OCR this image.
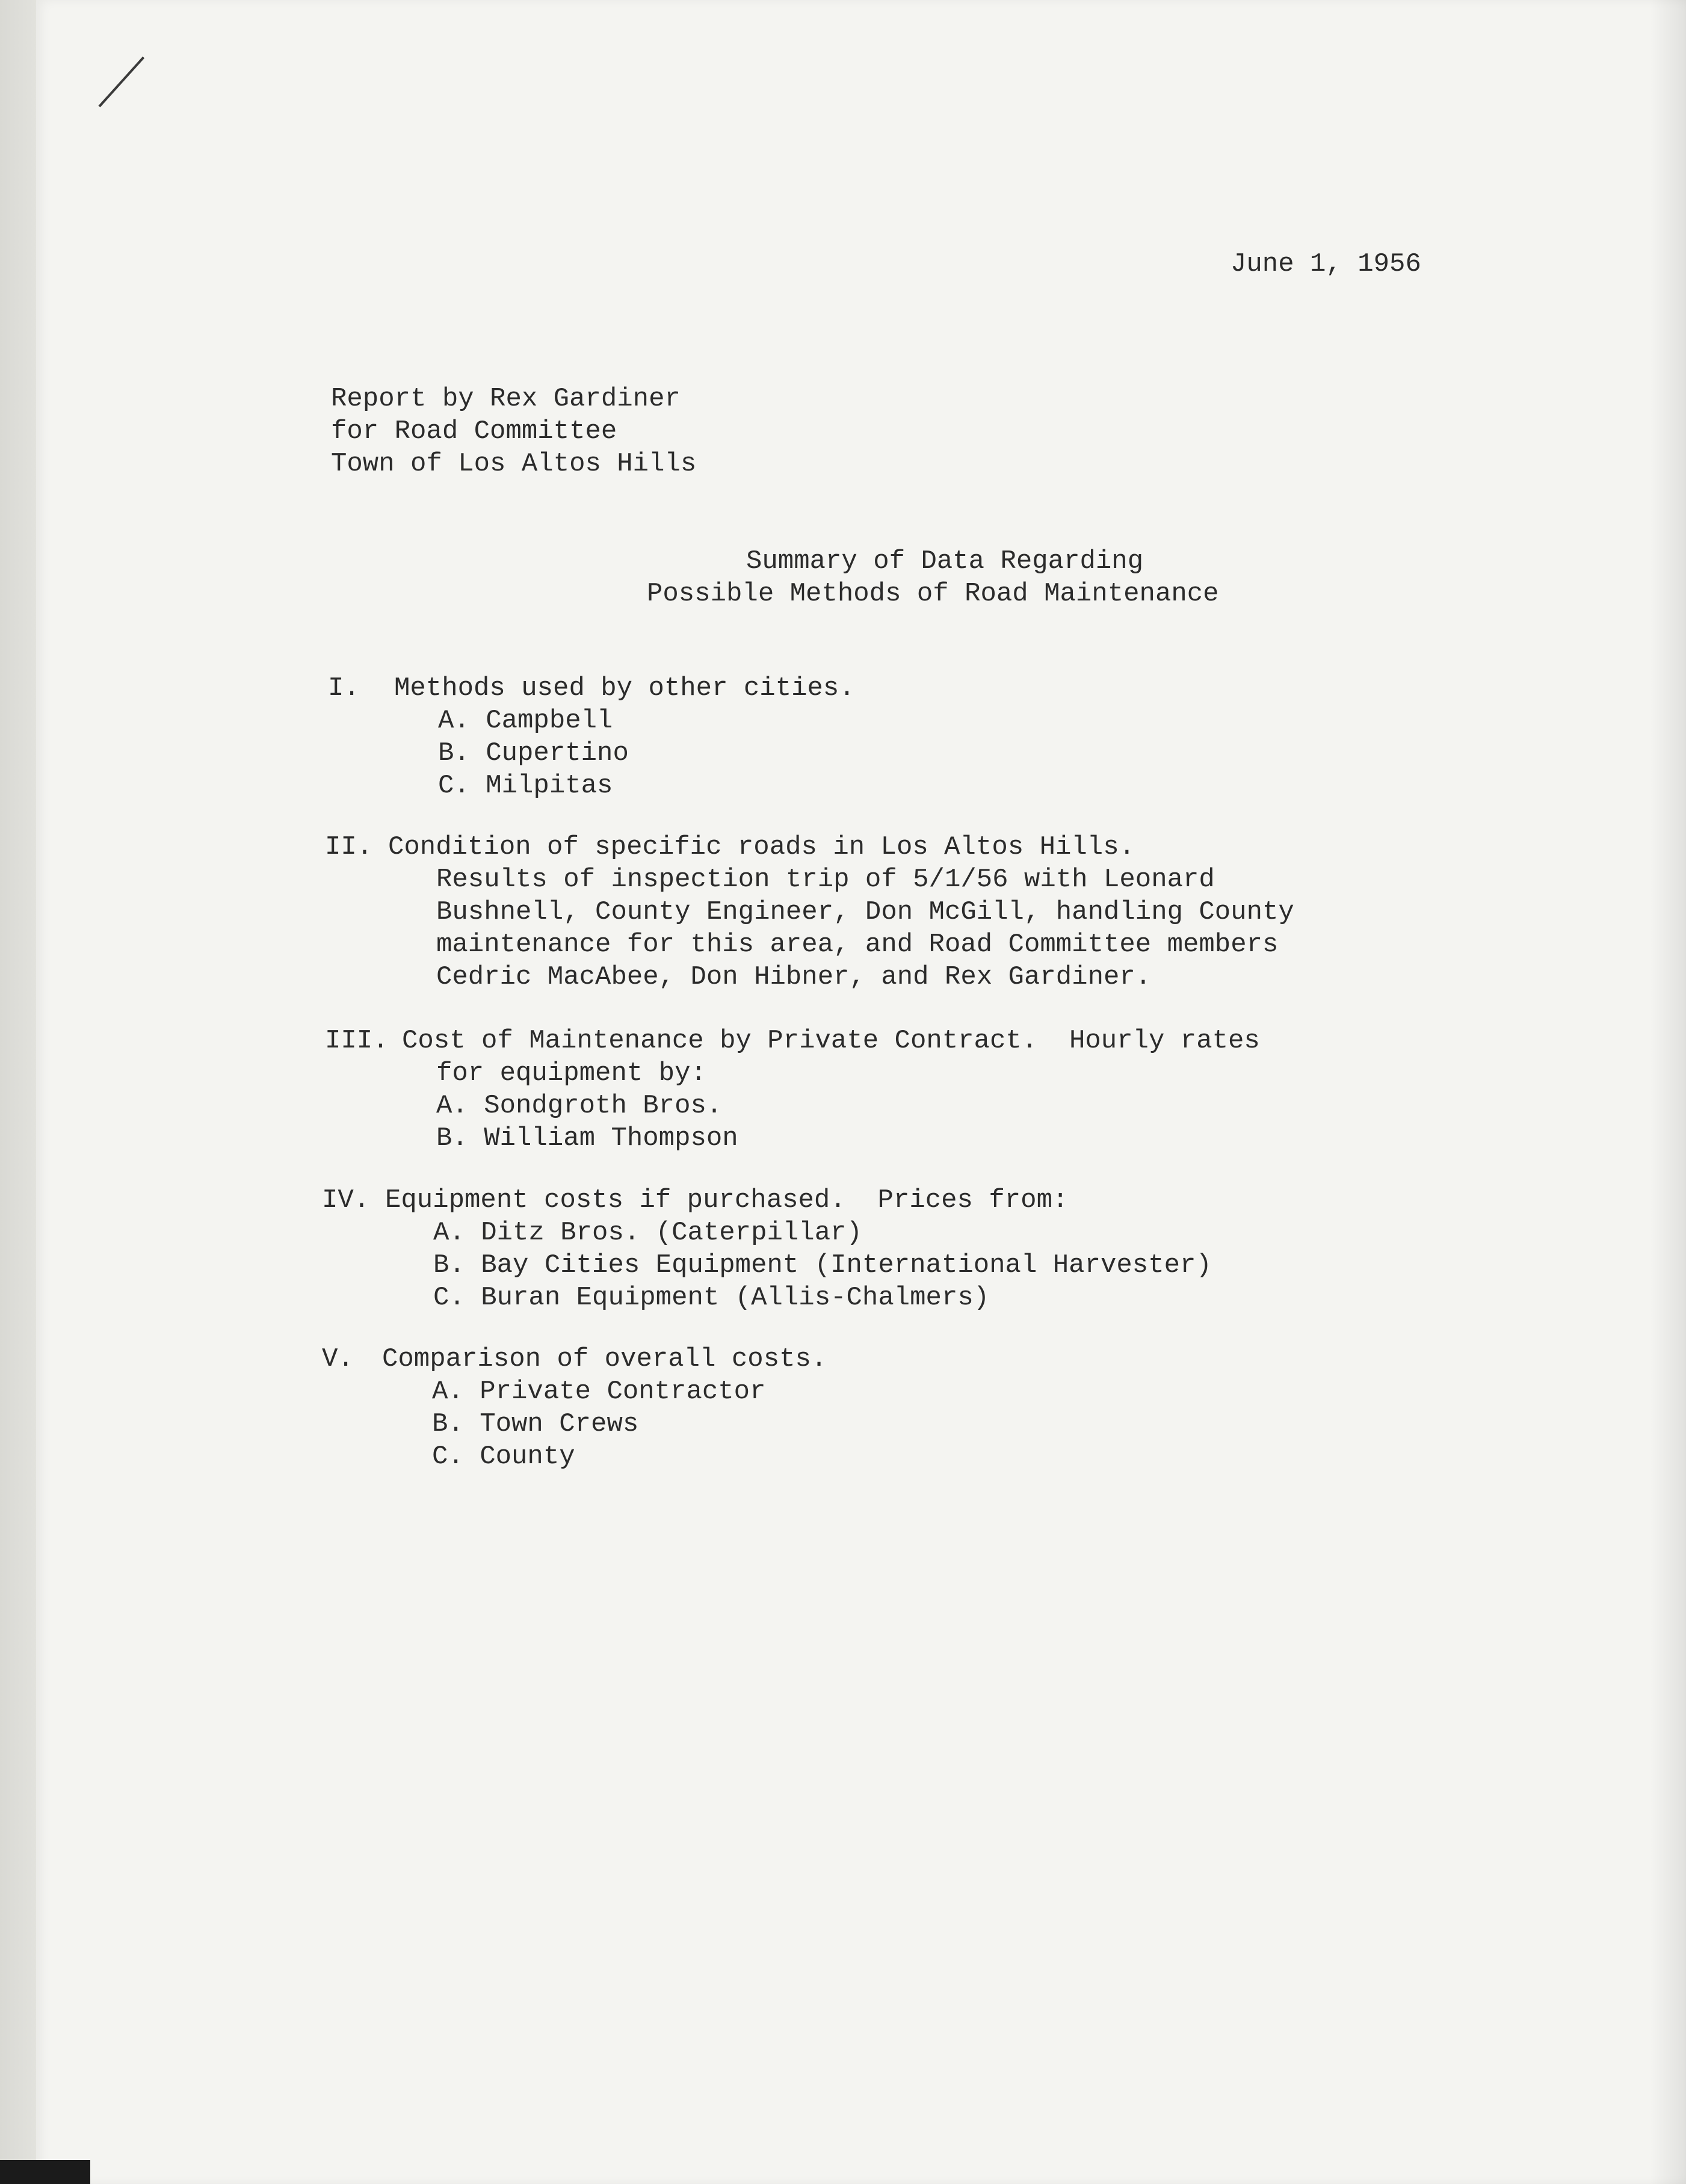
June 1, 1956
Report by Rex Gardiner
for Road Committee
Town of Los Altos Hills
Summary of Data Regarding
Possible Methods of Road Maintenance
I. Methods used by other cities.
A. Campbell
B. Cupertino
C. Milpitas
II. Condition of specific roads in Los Altos Hills.
Results of inspection trip of 5/1/56 with Leonard
Bushnell, County Engineer, Don McGill, handling County
maintenance for this area, and Road Committee members
Cedric MacAbee, Don Hibner, and Rex Gardiner.
III. Cost of Maintenance by Private Contract.  Hourly rates
for equipment by:
A. Sondgroth Bros.
B. William Thompson
IV. Equipment costs if purchased.  Prices from:
A. Ditz Bros. (Caterpillar)
B. Bay Cities Equipment (International Harvester)
C. Buran Equipment (Allis-Chalmers)
V. Comparison of overall costs.
A. Private Contractor
B. Town Crews
C. County
